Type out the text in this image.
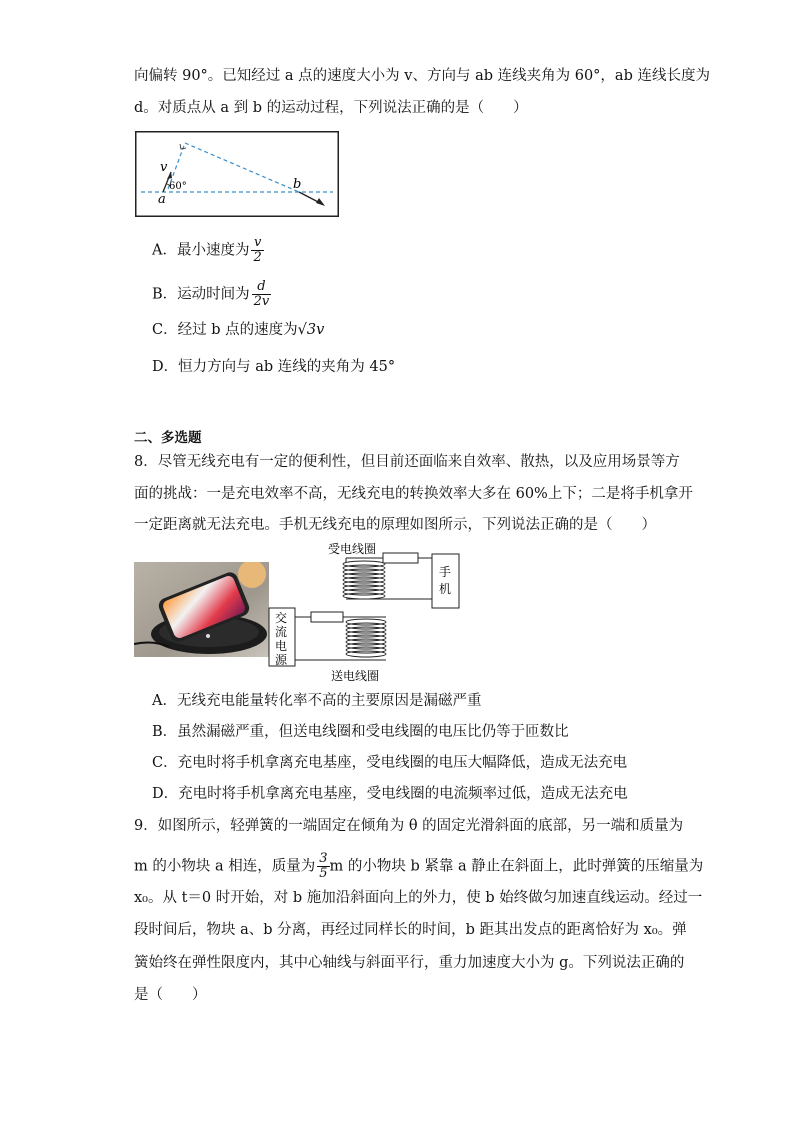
向偏转 90°。已知经过 a 点的速度大小为 v、方向与 ab 连线夹角为 60°，ab 连线长度为
d。对质点从 a 到 b 的运动过程，下列说法正确的是（　　）
v
60°
a
b
A．最小速度为 $\frac{v}{2}$
B．运动时间为 $\frac{d}{2v}$
C．经过 b 点的速度为√3v
D．恒力方向与 ab 连线的夹角为 45°
二、多选题
8．尽管无线充电有一定的便利性，但目前还面临来自效率、散热，以及应用场景等方
面的挑战：一是充电效率不高，无线充电的转换效率大多在 60%上下；二是将手机拿开
一定距离就无法充电。手机无线充电的原理如图所示，下列说法正确的是（　　）
受电线圈
送电线圈
手
机
交
流
电
源
A．无线充电能量转化率不高的主要原因是漏磁严重
B．虽然漏磁严重，但送电线圈和受电线圈的电压比仍等于匝数比
C．充电时将手机拿离充电基座，受电线圈的电压大幅降低，造成无法充电
D．充电时将手机拿离充电基座，受电线圈的电流频率过低，造成无法充电
9．如图所示，轻弹簧的一端固定在倾角为 θ 的固定光滑斜面的底部，另一端和质量为
m 的小物块 a 相连，质量为 $\frac{3}{5}$ m 的小物块 b 紧靠 a 静止在斜面上，此时弹簧的压缩量为
x₀。从 t＝0 时开始，对 b 施加沿斜面向上的外力，使 b 始终做匀加速直线运动。经过一
段时间后，物块 a、b 分离，再经过同样长的时间，b 距其出发点的距离恰好为 x₀。弹
簧始终在弹性限度内，其中心轴线与斜面平行，重力加速度大小为 g。下列说法正确的
是（　　）
